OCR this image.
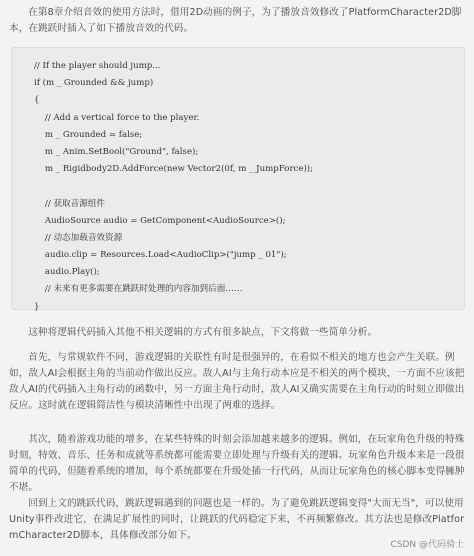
在第8章介绍音效的使用方法时，借用2D动画的例子，为了播放音效修改了PlatformCharacter2D脚本，在跳跃时插入了如下播放音效的代码。

// If the player should jump...
if (m _ Grounded && jump)
{
// Add a vertical force to the player.
m _ Grounded = false;
m _ Anim.SetBool("Ground", false);
m _ Rigidbody2D.AddForce(new Vector2(0f, m _ JumpForce));
// 获取音源组件
AudioSource audio = GetComponent<AudioSource>();
// 动态加载音效资源
audio.clip = Resources.Load<AudioClip>("jump _ 01");
audio.Play();
// 未来有更多需要在跳跃时处理的内容加到后面……
}

这种将逻辑代码插入其他不相关逻辑的方式有很多缺点，下文将做一些简单分析。

首先，与常规软件不同，游戏逻辑的关联性有时是很强异的，在看似不相关的地方也会产生关联。例如，敌人AI会根据主角的当前动作做出反应。敌人AI与主角行动本应是不相关的两个模块，一方面不应该把敌人AI的代码插入主角行动的函数中，另一方面主角行动时，敌人AI又确实需要在主角行动的时刻立即做出反应。这时就在逻辑简洁性与模块清晰性中出现了两难的选择。

其次，随着游戏功能的增多，在某些特殊的时刻会添加越来越多的逻辑。例如，在玩家角色升级的特殊时刻，特效、音乐、任务和成就等系统都可能需要立即处理与升级有关的逻辑。玩家角色升级本来是一段很简单的代码，但随着系统的增加，每个系统都要在升级处插一行代码，从而让玩家角色的核心脚本变得臃肿不堪。

回到上文的跳跃代码，跳跃逻辑遇到的问题也是一样的。为了避免跳跃逻辑变得"大而无当"，可以使用Unity事件改进它，在满足扩展性的同时，让跳跃的代码稳定下来，不再频繁修改。其方法也是修改PlatformCharacter2D脚本，具体修改部分如下。

CSDN @代码骑士
